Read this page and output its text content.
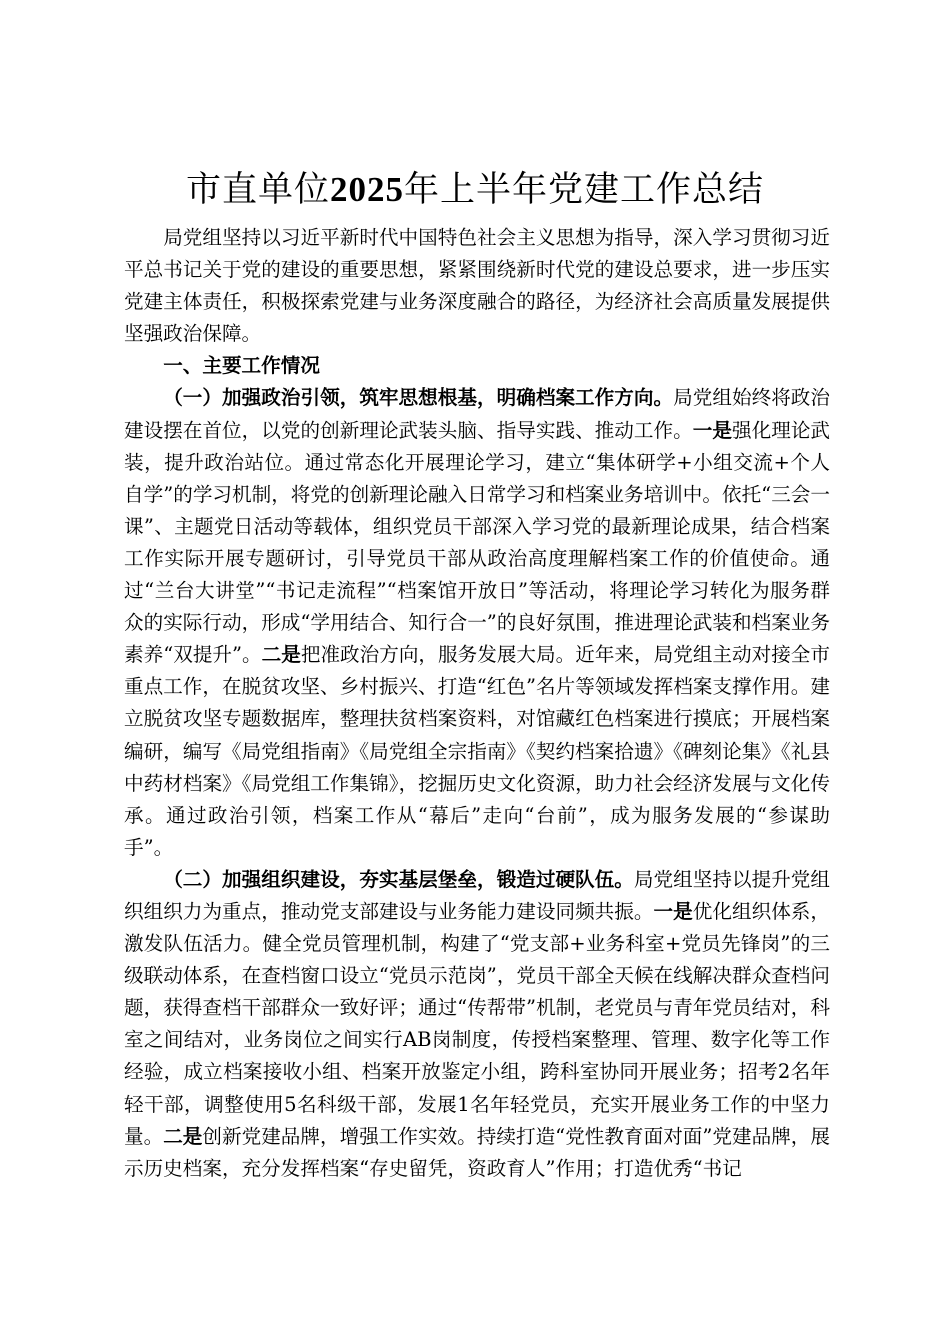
市直单位2025年上半年党建工作总结

局党组坚持以习近平新时代中国特色社会主义思想为指导，深入学习贯彻习近平总书记关于党的建设的重要思想，紧紧围绕新时代党的建设总要求，进一步压实党建主体责任，积极探索党建与业务深度融合的路径，为经济社会高质量发展提供坚强政治保障。

一、主要工作情况

（一）加强政治引领，筑牢思想根基，明确档案工作方向。局党组始终将政治建设摆在首位，以党的创新理论武装头脑、指导实践、推动工作。一是强化理论武装，提升政治站位。通过常态化开展理论学习，建立“集体研学+小组交流+个人自学”的学习机制，将党的创新理论融入日常学习和档案业务培训中。依托“三会一课”、主题党日活动等载体，组织党员干部深入学习党的最新理论成果，结合档案工作实际开展专题研讨，引导党员干部从政治高度理解档案工作的价值使命。通过“兰台大讲堂”“书记走流程”“档案馆开放日”等活动，将理论学习转化为服务群众的实际行动，形成“学用结合、知行合一”的良好氛围，推进理论武装和档案业务素养“双提升”。二是把准政治方向，服务发展大局。近年来，局党组主动对接全市重点工作，在脱贫攻坚、乡村振兴、打造“红色”名片等领域发挥档案支撑作用。建立脱贫攻坚专题数据库，整理扶贫档案资料，对馆藏红色档案进行摸底；开展档案编研，编写《局党组指南》《局党组全宗指南》《契约档案拾遗》《碑刻论集》《礼县中药材档案》《局党组工作集锦》，挖掘历史文化资源，助力社会经济发展与文化传承。通过政治引领，档案工作从“幕后”走向“台前”，成为服务发展的“参谋助手”。

（二）加强组织建设，夯实基层堡垒，锻造过硬队伍。局党组坚持以提升党组织组织力为重点，推动党支部建设与业务能力建设同频共振。一是优化组织体系，激发队伍活力。健全党员管理机制，构建了“党支部+业务科室+党员先锋岗”的三级联动体系，在查档窗口设立“党员示范岗”，党员干部全天候在线解决群众查档问题，获得查档干部群众一致好评；通过“传帮带”机制，老党员与青年党员结对，科室之间结对，业务岗位之间实行AB岗制度，传授档案整理、管理、数字化等工作经验，成立档案接收小组、档案开放鉴定小组，跨科室协同开展业务；招考2名年轻干部，调整使用5名科级干部，发展1名年轻党员，充实开展业务工作的中坚力量。二是创新党建品牌，增强工作实效。持续打造“党性教育面对面”党建品牌，展示历史档案，充分发挥档案“存史留凭，资政育人”作用；打造优秀“书记
